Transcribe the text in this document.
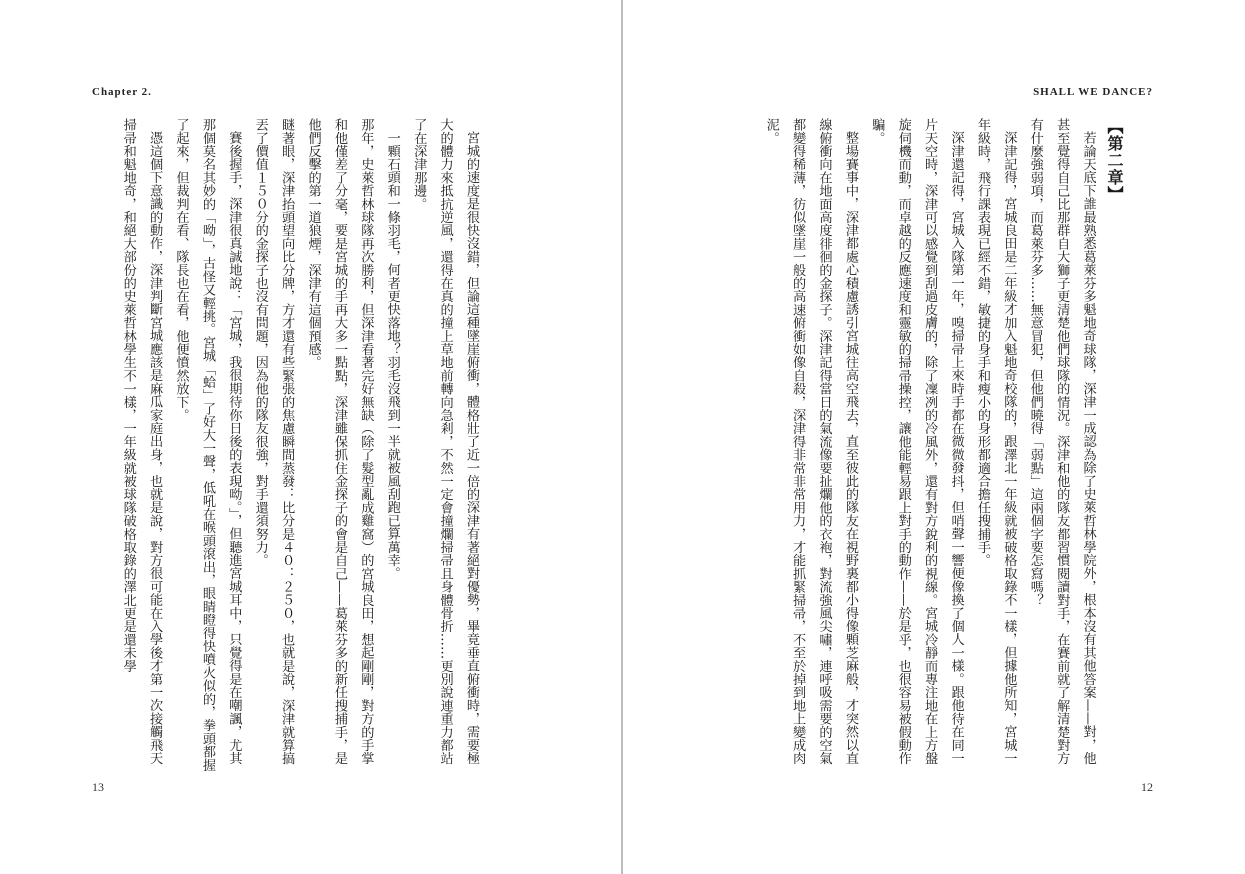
Chapter 2.

宮城的速度是很快沒錯，但論這種墜崖俯衝，體格壯了近一倍的深津有著絕對優勢，畢竟垂直俯衝時，需要極大的體力來抵抗逆風，還得在真的撞上草地前轉向急剎，不然一定會撞爛掃帚且身體骨折……更別說連重力都站了在深津那邊。

一顆石頭和一條羽毛，何者更快落地？羽毛沒飛到一半就被風刮跑已算萬幸。

那年，史萊哲林球隊再次勝利，但深津看著完好無缺（除了髮型亂成雞窩）的宮城良田，想起剛剛，對方的手掌和他僅差了分毫，要是宮城的手再大多一點點，深津雖保抓住金探子的會是自己——葛萊芬多的新任搜捕手，是他們反擊的第一道狼煙，深津有這個預感。

瞇著眼，深津抬頭望向比分牌，方才還有些緊張的焦慮瞬間蒸發：比分是４０：２５０，也就是說，深津就算搞丟了價值１５０分的金探子也沒有問題，因為他的隊友很強，對手還須努力。

賽後握手，深津很真誠地說：「宮城，我很期待你日後的表現呦。」，但聽進宮城耳中，只覺得是在嘲諷，尤其那個莫名其妙的「呦」，古怪又輕挑。宮城「蛤」了好大一聲，低吼在喉頭滾出，眼睛瞪得快噴火似的，拳頭都握了起來，但裁判在看、隊長也在看，他便憤然放下。

憑這個下意識的動作，深津判斷宮城應該是麻瓜家庭出身，也就是說，對方很可能在入學後才第一次接觸飛天掃帚和魁地奇，和絕大部份的史萊哲林學生不一樣，一年級就被球隊破格取錄的澤北更是還未學

13
SHALL WE DANCE?

【第二章】

若論天底下誰最熟悉葛萊芬多魁地奇球隊，深津一成認為除了史萊哲林學院外，根本沒有其他答案——對，他甚至覺得自己比那群自大獅子更清楚他們球隊的情況。深津和他的隊友都習慣閱讀對手，在賽前就了解清楚對方有什麼強弱項，而葛萊芬多……無意冒犯，但他們曉得「弱點」這兩個字要怎寫嗎？

深津記得，宮城良田是二年級才加入魁地奇校隊的，跟澤北一年級就被破格取錄不一樣，但據他所知，宮城一年級時，飛行課表現已經不錯，敏捷的身手和瘦小的身形都適合擔任搜捕手。

深津還記得，宮城入隊第一年，嗅掃帚上來時手都在微微發抖，但哨聲一響便像換了個人一樣。跟他待在同一片天空時，深津可以感覺到刮過皮膚的，除了凜冽的冷風外，還有對方銳利的視線。宮城冷靜而專注地在上方盤旋伺機而動，而卓越的反應速度和靈敏的掃帚操控，讓他能輕易跟上對手的動作——於是乎，也很容易被假動作騙。

整場賽事中，深津都處心積慮誘引宮城往高空飛去，直至彼此的隊友在視野裏都小得像顆芝麻般，才突然以直線俯衝向在地面高度徘徊的金探子。深津記得當日的氣流像要扯爛他的衣袍，對流強風尖嘯，連呼吸需要的空氣都變得稀薄，彷似墜崖一般的高速俯衝如像自殺，深津得非常非常用力，才能抓緊掃帚，不至於掉到地上變成肉泥。

12
